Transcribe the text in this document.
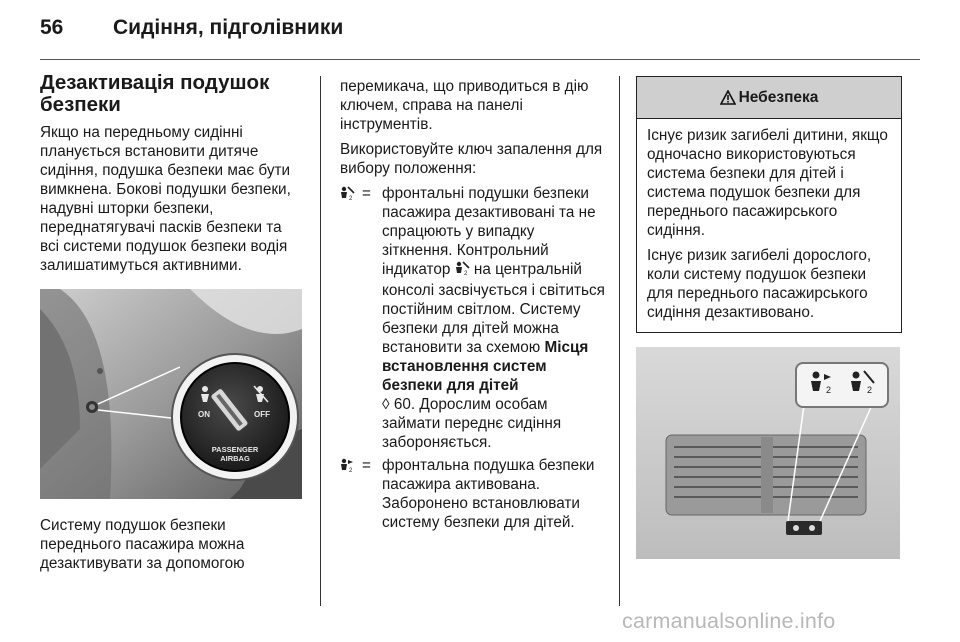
56 Сидіння, підголівники
Дезактивація подушок безпеки

Якщо на передньому сидінні планується встановити дитяче сидіння, подушка безпеки має бути вимкнена. Бокові подушки безпеки, надувні шторки безпеки, переднатягувачі пасків безпеки та всі системи подушок безпеки водія залишатимуться активними.

ON	OFF
PASSENGER
AIRBAG

Систему подушок безпеки переднього пасажира можна дезактивувати за допомогою

перемикача, що приводиться в дію ключем, справа на панелі інструментів.

Використовуйте ключ запалення для вибору положення:

2 = фронтальні подушки безпеки пасажира дезактивовані та не спрацюють у випадку зіткнення. Контрольний індикатор 2 на центральній консолі засвічується і світиться постійним світлом. Систему безпеки для дітей можна встановити за схемою Місця встановлення систем безпеки для дітей
◊ 60. Дорослим особам займати переднє сидіння забороняється.
2 = фронтальна подушка безпеки пасажира активована. Заборонено встановлювати систему безпеки для дітей.
Небезпека

Існує ризик загибелі дитини, якщо одночасно використовуються система безпеки для дітей і система подушок безпеки для переднього пасажирського сидіння.

Існує ризик загибелі дорослого, коли систему подушок безпеки для переднього пасажирського сидіння дезактивовано.

2	2
carmanualsonline.info
